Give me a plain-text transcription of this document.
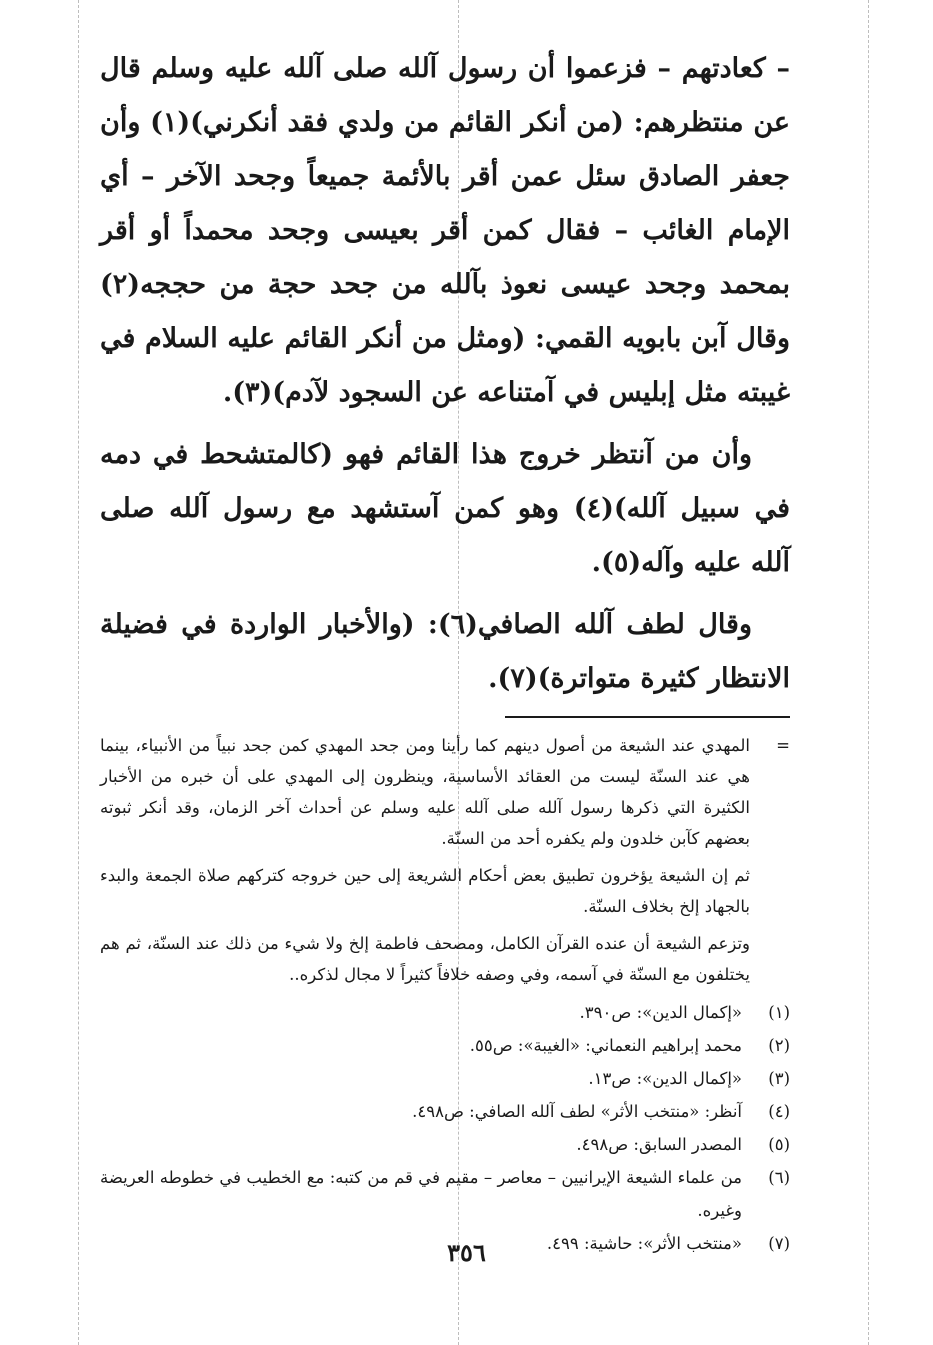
– كعادتهم – فزعموا أن رسول آلله صلى آلله عليه وسلم قال عن منتظرهم: (من أنكر القائم من ولدي فقد أنكرني)(١) وأن جعفر الصادق سئل عمن أقر بالأئمة جميعاً وجحد الآخر – أي الإمام الغائب – فقال كمن أقر بعيسى وجحد محمداً أو أقر بمحمد وجحد عيسى نعوذ بآلله من جحد حجة من حججه(٢) وقال آبن بابويه القمي: (ومثل من أنكر القائم عليه السلام في غيبته مثل إبليس في آمتناعه عن السجود لآدم)(٣).

وأن من آنتظر خروج هذا القائم فهو (كالمتشحط في دمه في سبيل آلله)(٤) وهو كمن آستشهد مع رسول آلله صلى آلله عليه وآله(٥).

وقال لطف آلله الصافي(٦): (والأخبار الواردة في فضيلة الانتظار كثيرة متواترة)(٧).

=
المهدي عند الشيعة من أصول دينهم كما رأينا ومن جحد المهدي كمن جحد نبياً من الأنبياء، بينما هي عند السنّة ليست من العقائد الأساسية، وينظرون إلى المهدي على أن خبره من الأخبار الكثيرة التي ذكرها رسول آلله صلى آلله عليه وسلم عن أحداث آخر الزمان، وقد أنكر ثبوته بعضهم كآبن خلدون ولم يكفره أحد من السنّة.

ثم إن الشيعة يؤخرون تطبيق بعض أحكام الشريعة إلى حين خروجه كتركهم صلاة الجمعة والبدء بالجهاد إلخ بخلاف السنّة.

وتزعم الشيعة أن عنده القرآن الكامل، ومصحف فاطمة إلخ ولا شيء من ذلك عند السنّة، ثم هم يختلفون مع السنّة في آسمه، وفي وصفه خلافاً كثيراً لا مجال لذكره..

(١)
«إكمال الدين»: ص٣٩٠.
(٢)
محمد إبراهيم النعماني: «الغيبة»: ص٥٥.
(٣)
«إكمال الدين»: ص١٣.
(٤)
آنظر: «منتخب الأثر» لطف آلله الصافي: ص٤٩٨.
(٥)
المصدر السابق: ص٤٩٨.
(٦)
من علماء الشيعة الإيرانيين – معاصر – مقيم في قم من كتبه: مع الخطيب في خطوطه العريضة وغيره.
(٧)
«منتخب الأثر»: حاشية: ٤٩٩.
٣٥٦
